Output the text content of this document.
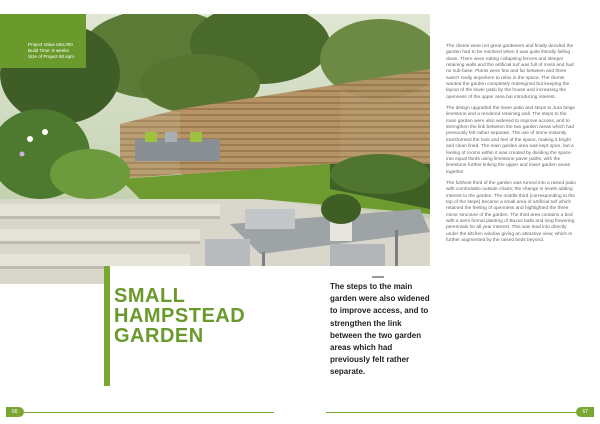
Project Value £60,000
Build Time: 8 weeks
Size of Project 90 sqm
SMALL
HAMPSTEAD
GARDEN
The steps to the main garden were also widened to improve access, and to strengthen the link between the two garden areas which had previously felt rather separate.

The clients were not great gardeners and finally decided the garden had to be resolved when it was quite literally falling down. There were rotting collapsing fences and sleeper retaining walls and the artificial turf was full of moss and had no sub-base. Plants were few and far between and there wasn't really anywhere to relax in the space. The clients wanted the garden completely redesigned but keeping the layout of the lower patio by the house and increasing the openness of the upper area but introducing interest.

The design upgraded the lower patio and steps to Jura beige limestone and a rendered retaining wall. The steps to the main garden were also widened to improve access, and to strengthen the link between the two garden areas which had previously felt rather separate. The use of stone instantly transformed the look and feel of the space, making it bright and clean lined. The main garden area was kept open, but a feeling of rooms within it was created by dividing the space into equal thirds using limestone paver paths, with the limestone further linking the upper and lower garden areas together.

The furthest third of the garden was turned into a raised patio with comfortable outside chairs; the change in levels adding interest to the garden. The middle third (corresponding to the top of the steps) became a small area of artificial turf which retained the feeling of openness and highlighted the three minor structure of the garden. The third area contains a bed with a semi formal planting of Buxus balls and long flowering perennials for all year interest. This was lead into directly under the kitchen window giving an attractive view, which is further augmented by the raised beds beyond.

66	67
